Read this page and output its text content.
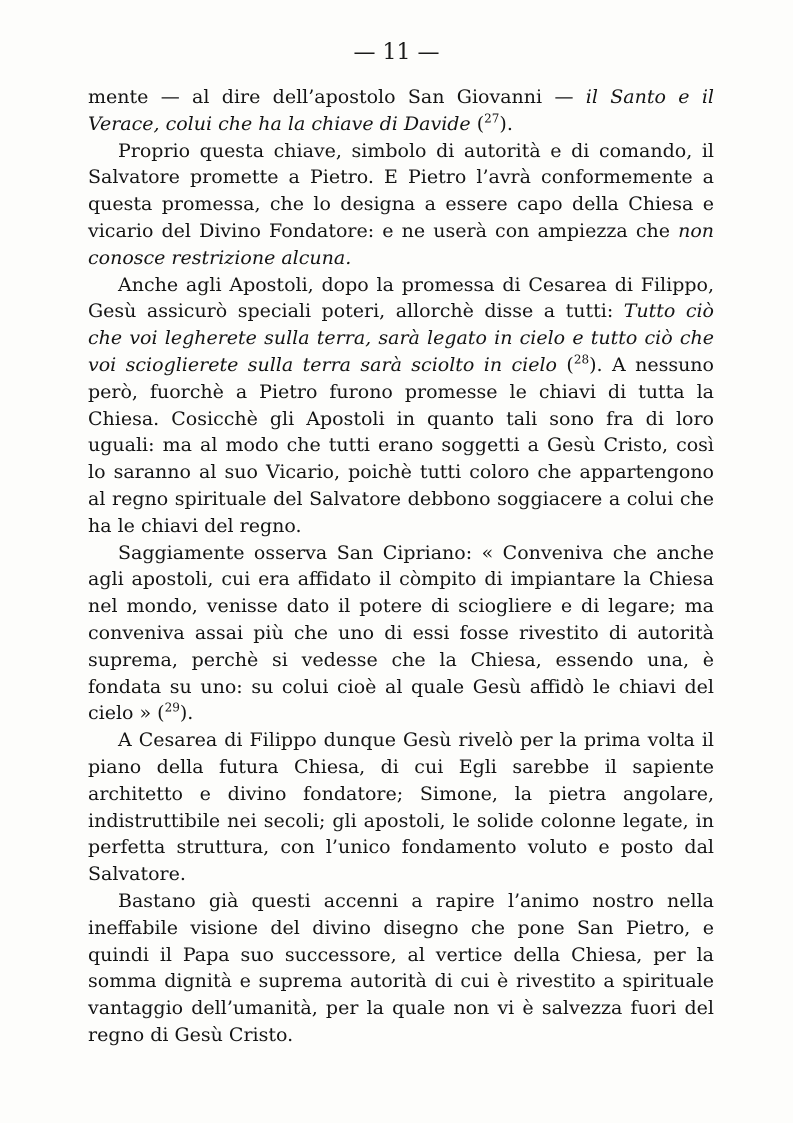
— 11 —

mente — al dire dell’apostolo San Giovanni — il Santo e il Verace, colui che ha la chiave di Davide ($^{27}$).

Proprio questa chiave, simbolo di autorità e di comando, il Salvatore promette a Pietro. E Pietro l’avrà conformemente a questa promessa, che lo designa a essere capo della Chiesa e vicario del Divino Fondatore: e ne userà con ampiezza che non conosce restrizione alcuna.

Anche agli Apostoli, dopo la promessa di Cesarea di Filippo, Gesù assicurò speciali poteri, allorchè disse a tutti: Tutto ciò che voi legherete sulla terra, sarà legato in cielo e tutto ciò che voi scioglierete sulla terra sarà sciolto in cielo ($^{28}$). A nessuno però, fuorchè a Pietro furono promesse le chiavi di tutta la Chiesa. Cosicchè gli Apostoli in quanto tali sono fra di loro uguali: ma al modo che tutti erano soggetti a Gesù Cristo, così lo saranno al suo Vicario, poichè tutti coloro che appartengono al regno spirituale del Salvatore debbono soggiacere a colui che ha le chiavi del regno.

Saggiamente osserva San Cipriano: « Conveniva che anche agli apostoli, cui era affidato il còmpito di impiantare la Chiesa nel mondo, venisse dato il potere di sciogliere e di legare; ma conveniva assai più che uno di essi fosse rivestito di autorità suprema, perchè si vedesse che la Chiesa, essendo una, è fondata su uno: su colui cioè al quale Gesù affidò le chiavi del cielo » ($^{29}$).

A Cesarea di Filippo dunque Gesù rivelò per la prima volta il piano della futura Chiesa, di cui Egli sarebbe il sapiente architetto e divino fondatore; Simone, la pietra angolare, indistruttibile nei secoli; gli apostoli, le solide colonne legate, in perfetta struttura, con l’unico fondamento voluto e posto dal Salvatore.

Bastano già questi accenni a rapire l’animo nostro nella ineffabile visione del divino disegno che pone San Pietro, e quindi il Papa suo successore, al vertice della Chiesa, per la somma dignità e suprema autorità di cui è rivestito a spirituale vantaggio dell’umanità, per la quale non vi è salvezza fuori del regno di Gesù Cristo.
